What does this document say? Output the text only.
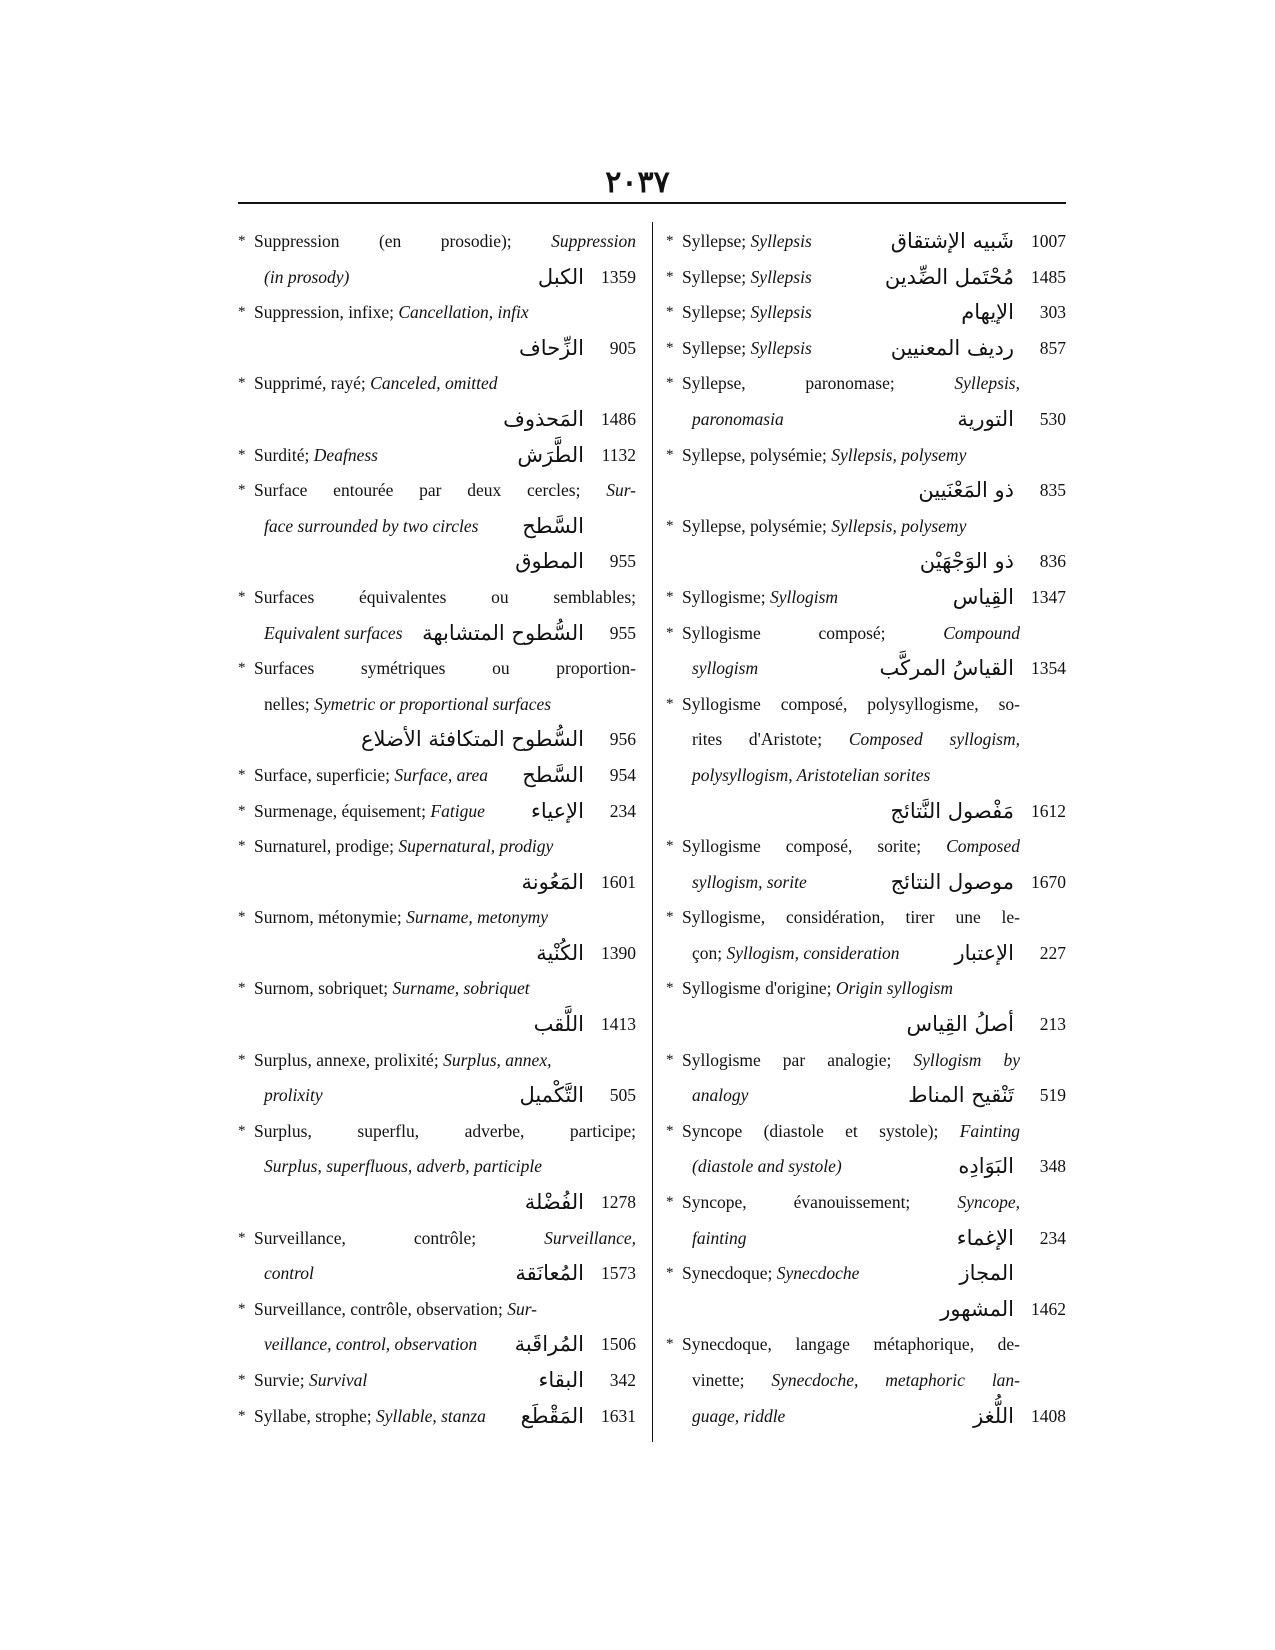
٢٠٣٧
* Suppression (en prosodie); Suppression
(in prosody)	الكبل 1359
* Suppression, infixe; Cancellation, infix
الزِّحاف	905
* Supprimé, rayé; Canceled, omitted
المَحذوف 1486
* Surdité; Deafness	الطَّرَش	1132
* Surface entourée par deux cercles; Sur-
face surrounded by two circles السَّطح
المطوق	955
* Surfaces équivalentes ou semblables;
Equivalent surfaces السُّطوح المتشابهة	955
* Surfaces symétriques ou proportion-
nelles; Symetric or proportional surfaces
السُّطوح المتكافئة الأضلاع	956
* Surface, superficie; Surface, area السَّطح	954
* Surmenage, équisement; Fatigue الإعياء	234
* Surnaturel, prodige; Supernatural, prodigy
المَعُونة 1601
* Surnom, métonymie; Surname, metonymy
الكُنْية 1390
* Surnom, sobriquet; Surname, sobriquet
اللَّقب 1413
* Surplus, annexe, prolixité; Surplus, annex,
prolixity	التَّكْميل	505
* Surplus, superflu, adverbe, participe;
Surplus, superfluous, adverb, participle
الفُضْلة 1278
* Surveillance, contrôle; Surveillance,
control	المُعانَقة 1573
* Surveillance, contrôle, observation; Sur-
veillance, control, observation المُراقَبة 1506
* Survie; Survival	البقاء	342
* Syllabe, strophe; Syllable, stanza المَقْطَع 1631
* Syllepse; Syllepsis	شَبيه الإشتقاق 1007
* Syllepse; Syllepsis	مُحْتَمل الضِّدين 1485
* Syllepse; Syllepsis	الإيهام	303
* Syllepse; Syllepsis	رديف المعنيين	857
* Syllepse, paronomase; Syllepsis,
paronomasia	التورية	530
* Syllepse, polysémie; Syllepsis, polysemy
ذو المَعْنَيين	835
* Syllepse, polysémie; Syllepsis, polysemy
ذو الوَجْهَيْن	836
* Syllogisme; Syllogism	القِياس 1347
* Syllogisme composé; Compound
syllogism	القياسُ المركَّب 1354
* Syllogisme composé, polysyllogisme, so-
rites d'Aristote; Composed syllogism,
polysyllogism, Aristotelian sorites
مَفْصول النَّتائج 1612
* Syllogisme composé, sorite; Composed
syllogism, sorite	موصول النتائج 1670
* Syllogisme, considération, tirer une le-
çon; Syllogism, consideration	الإعتبار	227
* Syllogisme d'origine; Origin syllogism
أصلُ القِياس	213
* Syllogisme par analogie; Syllogism by
analogy	تَنْقيح المناط	519
* Syncope (diastole et systole); Fainting
(diastole and systole)	البَوَادِه	348
* Syncope, évanouissement; Syncope,
fainting	الإغماء	234
* Synecdoque; Synecdoche	المجاز
المشهور 1462
* Synecdoque, langage métaphorique, de-
vinette; Synecdoche, metaphoric lan-
guage, riddle	اللُّغز 1408
